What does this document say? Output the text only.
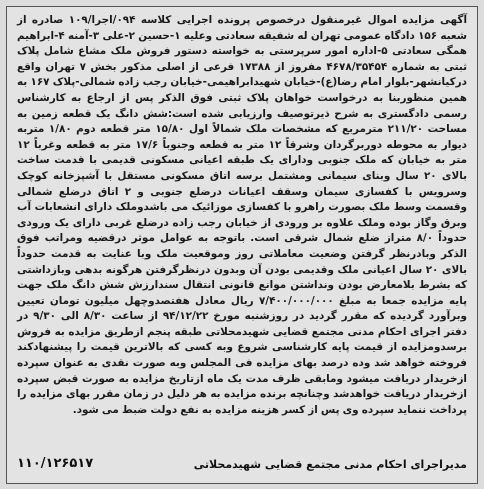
آگهی مزایده اموال غیرمنقول درخصوص پرونده اجرایی کلاسه ۰۹۴/اجرا/۱۰۹ صادره از شعبه ۱۵۶ دادگاه عمومی تهران له شفیقه سعادتی وعلیه ۱-حسین ۲-علی ۳-آمنه ۴-ابراهیم همگی سعادتی ۵-اداره امور سرپرستی به خواسته دستور فروش ملک مشاع شامل پلاک ثبتی به شماره ۴۶۷۸/۳۵۴۵۴ مفروز از ۱۷۳۸۸ فرعی از اصلی مذکور بخش ۷ تهران واقع درکیانشهر-بلوار امام رضا(ع)-خیابان شهیدابراهیمی-خیابان رجب زاده شمالی-پلاک ۱۶۷ به همین منظوربنا به درخواست خواهان پلاک ثبتی فوق الذکر پس از ارجاع به کارشناس رسمی دادگستری به شرح ذیرتوصیف وارزیابی شده است:شش دانگ یک قطعه زمین به مساحت ۲۱۱/۲۰ مترمربع که مشخصات ملک شمالاً اول ۱۵/۸۰ متر قطعه دوم ۱/۸۰ متربه دیوار به محوطه دوربرگردان وشرقاً ۱۲ متر به قطعه وجنوباً ۱۷/۶ متر به قطعه وغرباً ۱۲ متر به خیابان که ملک جنوبی ودارای یک طبقه اعیانی مسکونی قدیمی با قدمت ساخت بالای ۲۰ سال وبنای سیمانی ومشتمل برسه اتاق مسکونی مستقل با آشپزخانه کوچک وسرویس با کفسازی سیمان وسقف اعیانات درضلع جنوبی و ۲ اتاق درضلع شمالی وقسمت وسط ملک بصورت راهرو با کفسازی موزائیک می باشدوملک دارای انشعابات آب وبرق وگاز بوده وملک علاوه بر ورودی از خیابان رجب زاده درضلع غربی دارای یک ورودی حدوداً ۸/۰ متراز ضلع شمال شرقی است. باتوجه به عوامل موثر درقضیه ومراتب فوق الذکر وبادرنظر گرفتن وضعیت معاملاتی روز وموقعیت ملک وبا عنایت به قدمت حدوداً بالای ۲۰ سال اعیانی ملک وقدیمی بودن آن وبدون درنظرگرفتن هرگونه بدهی وبازداشتی که بشرط بلامعارض بودن ونداشتن موانع قانونی انتقال سندارزش شش دانگ ملک جهت پایه مزایده جمعا به مبلغ ۷/۴۰۰/۰۰۰/۰۰۰ ریال معادل هفتصدوچهل میلیون تومان تعیین وبرآورد گردیده که مقرر گردید در روزشنبه مورخ ۹۴/۱۲/۲۲ از ساعت ۸/۳۰ الی ۹/۳۰ در دفتر اجرای احکام مدنی مجتمع قضایی شهیدمحلاتی طبقه پنجم ازطریق مزایده به فروش برسدومزایده از قیمت پایه کارشناسی شروع وبه کسی که بالاترین قیمت را پیشنهادکند فروخته خواهد شد وده درصد بهای مزایده فی المجلس وبه صورت نقدی به عنوان سپرده ازخریدار دریافت میشود ومابقی ظرف مدت یک ماه ازتاریخ مزایده به صورت قبض سپرده ازخریدار دریافت خواهدشد وچنانچه برنده مزایده به هر دلیل در زمان مقرر بهای مزایده را پرداخت ننماید سپرده وی پس از کسر هزینه مزایده به نفع دولت ضبط می شود.

مدیراجرای احکام مدنی مجتمع قضایی شهیدمحلاتی
۱۱۰/۱۲۶۵۱۷
